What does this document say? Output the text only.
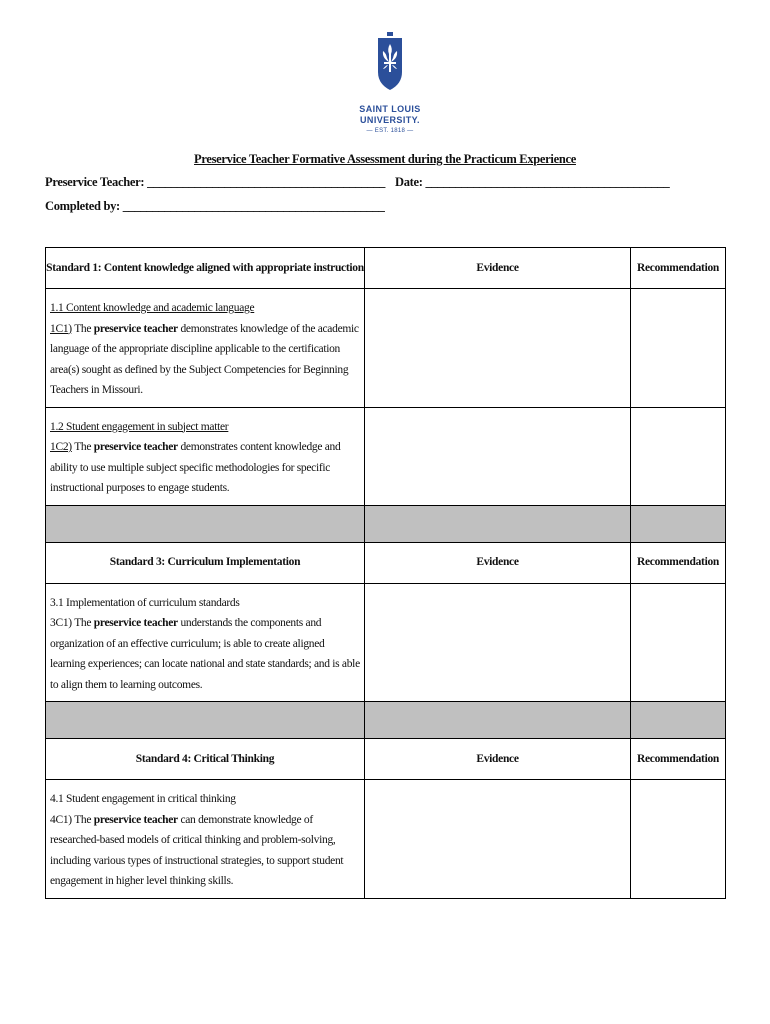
SAINT LOUIS
UNIVERSITY.
— EST. 1818 —
Preservice Teacher Formative Assessment during the Practicum Experience
Preservice Teacher: ________________________________________ Date: _________________________________________
Completed by: ____________________________________________
Standard 1: Content knowledge aligned with appropriate instruction	Evidence	Recommendation
1.1 Content knowledge and academic language
1C1) The preservice teacher demonstrates knowledge of the academic language of the appropriate discipline applicable to the certification area(s) sought as defined by the Subject Competencies for Beginning Teachers in Missouri.		
1.2 Student engagement in subject matter
1C2) The preservice teacher demonstrates content knowledge and ability to use multiple subject specific methodologies for specific instructional purposes to engage students.		

Standard 3: Curriculum Implementation	Evidence	Recommendation
3.1 Implementation of curriculum standards
3C1) The preservice teacher understands the components and organization of an effective curriculum; is able to create aligned learning experiences; can locate national and state standards; and is able to align them to learning outcomes.		

Standard 4: Critical Thinking	Evidence	Recommendation
4.1 Student engagement in critical thinking
4C1) The preservice teacher can demonstrate knowledge of researched-based models of critical thinking and problem-solving, including various types of instructional strategies, to support student engagement in higher level thinking skills.		
